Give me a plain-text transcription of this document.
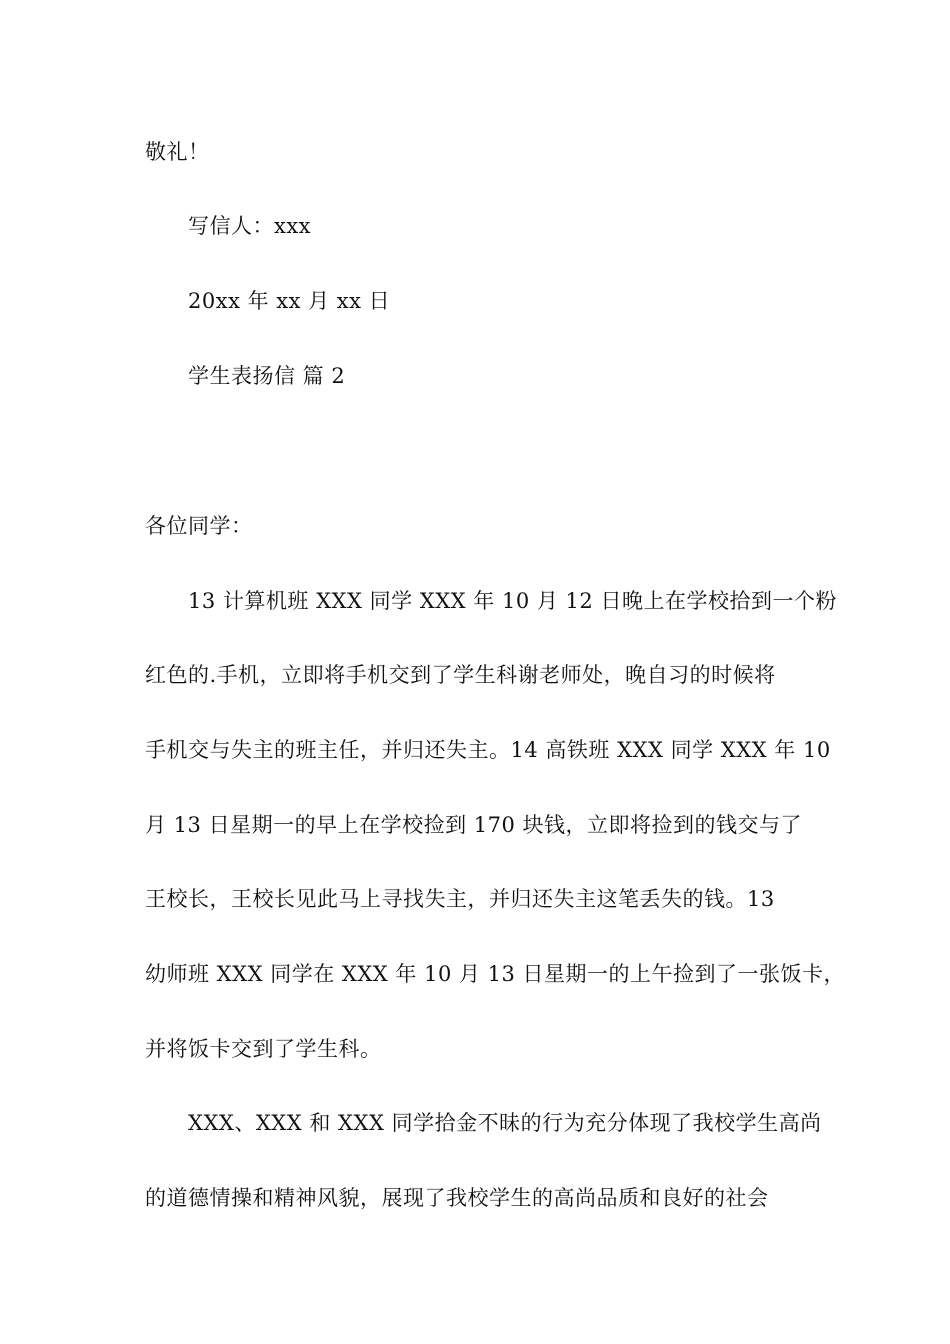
敬礼！
写信人：xxx
20xx 年 xx 月 xx 日
学生表扬信 篇 2
各位同学：
13 计算机班 XXX 同学 XXX 年 10 月 12 日晚上在学校拾到一个粉
红色的.手机，立即将手机交到了学生科谢老师处，晚自习的时候将
手机交与失主的班主任，并归还失主。14 高铁班 XXX 同学 XXX 年 10
月 13 日星期一的早上在学校捡到 170 块钱，立即将捡到的钱交与了
王校长，王校长见此马上寻找失主，并归还失主这笔丢失的钱。13
幼师班 XXX 同学在 XXX 年 10 月 13 日星期一的上午捡到了一张饭卡，
并将饭卡交到了学生科。
XXX、XXX 和 XXX 同学拾金不昧的行为充分体现了我校学生高尚
的道德情操和精神风貌，展现了我校学生的高尚品质和良好的社会
